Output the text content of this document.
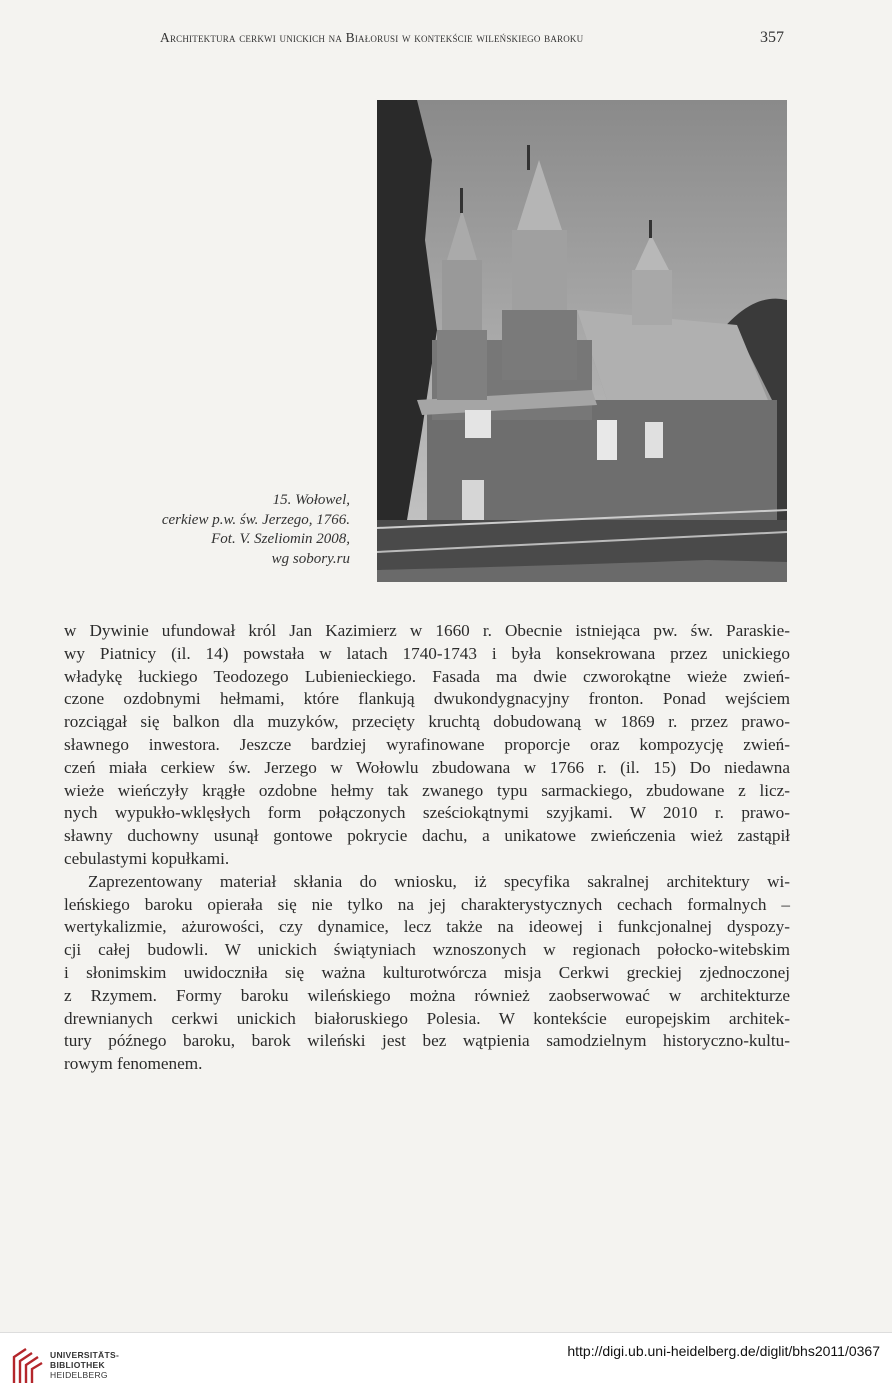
Architektura cerkwi unickich na Białorusi w kontekście wileńskiego baroku	357
15. Wołowel,
cerkiew p.w. św. Jerzego, 1766.
Fot. V. Szeliomin 2008,
wg sobory.ru
w Dywinie ufundował król Jan Kazimierz w 1660 r. Obecnie istniejąca pw. św. Paraskie-
wy Piatnicy (il. 14) powstała w latach 1740-1743 i była konsekrowana przez unickiego
władykę łuckiego Teodozego Lubienieckiego. Fasada ma dwie czworokątne wieże zwień-
czone ozdobnymi hełmami, które flankują dwukondygnacyjny fronton. Ponad wejściem
rozciągał się balkon dla muzyków, przecięty kruchtą dobudowaną w 1869 r. przez prawo-
sławnego inwestora. Jeszcze bardziej wyrafinowane proporcje oraz kompozycję zwień-
czeń miała cerkiew św. Jerzego w Wołowlu zbudowana w 1766 r. (il. 15) Do niedawna
wieże wieńczyły krągłe ozdobne hełmy tak zwanego typu sarmackiego, zbudowane z licz-
nych wypukło-wklęsłych form połączonych sześciokątnymi szyjkami. W 2010 r. prawo-
sławny duchowny usunął gontowe pokrycie dachu, a unikatowe zwieńczenia wież zastąpił
cebulastymi kopułkami.
Zaprezentowany materiał skłania do wniosku, iż specyfika sakralnej architektury wi-
leńskiego baroku opierała się nie tylko na jej charakterystycznych cechach formalnych –
wertykalizmie, ażurowości, czy dynamice, lecz także na ideowej i funkcjonalnej dyspozy-
cji całej budowli. W unickich świątyniach wznoszonych w regionach połocko-witebskim
i słonimskim uwidoczniła się ważna kulturotwórcza misja Cerkwi greckiej zjednoczonej
z Rzymem. Formy baroku wileńskiego można również zaobserwować w architekturze
drewnianych cerkwi unickich białoruskiego Polesia. W kontekście europejskim architek-
tury późnego baroku, barok wileński jest bez wątpienia samodzielnym historyczno-kultu-
rowym fenomenem.
UNIVERSITÄTS-
BIBLIOTHEK
HEIDELBERG
http://digi.ub.uni-heidelberg.de/diglit/bhs2011/0367
